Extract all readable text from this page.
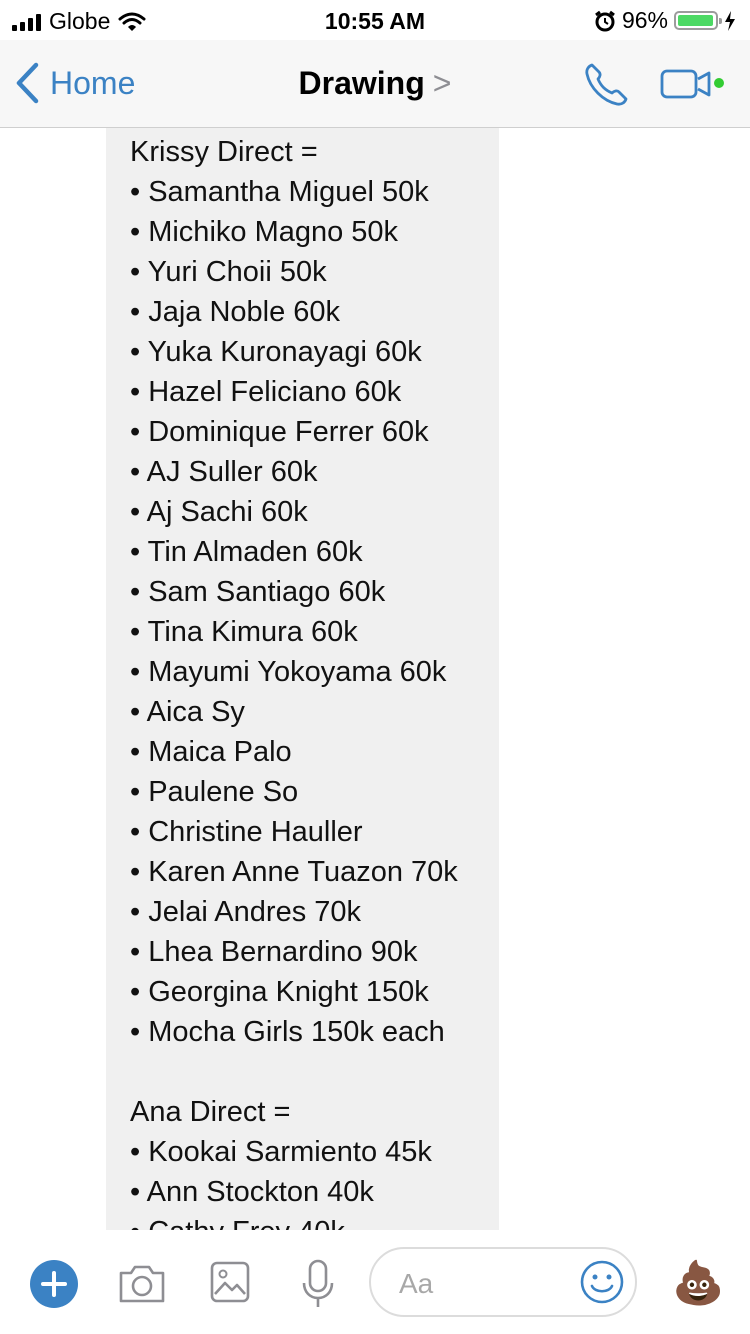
Globe	10:55 AM	96%
Home	Drawing >
Krissy Direct =
• Samantha Miguel 50k
• Michiko Magno 50k
• Yuri Choii 50k
• Jaja Noble 60k
• Yuka Kuronayagi 60k
• Hazel Feliciano 60k
• Dominique Ferrer 60k
• AJ Suller 60k
• Aj Sachi 60k
• Tin Almaden 60k
• Sam Santiago 60k
• Tina Kimura 60k
• Mayumi Yokoyama 60k
• Aica Sy
• Maica Palo
• Paulene So
• Christine Hauller
• Karen Anne Tuazon 70k
• Jelai Andres 70k
• Lhea Bernardino 90k
• Georgina Knight 150k
• Mocha Girls 150k each
Ana Direct =
• Kookai Sarmiento 45k
• Ann Stockton 40k
Aa	💩
